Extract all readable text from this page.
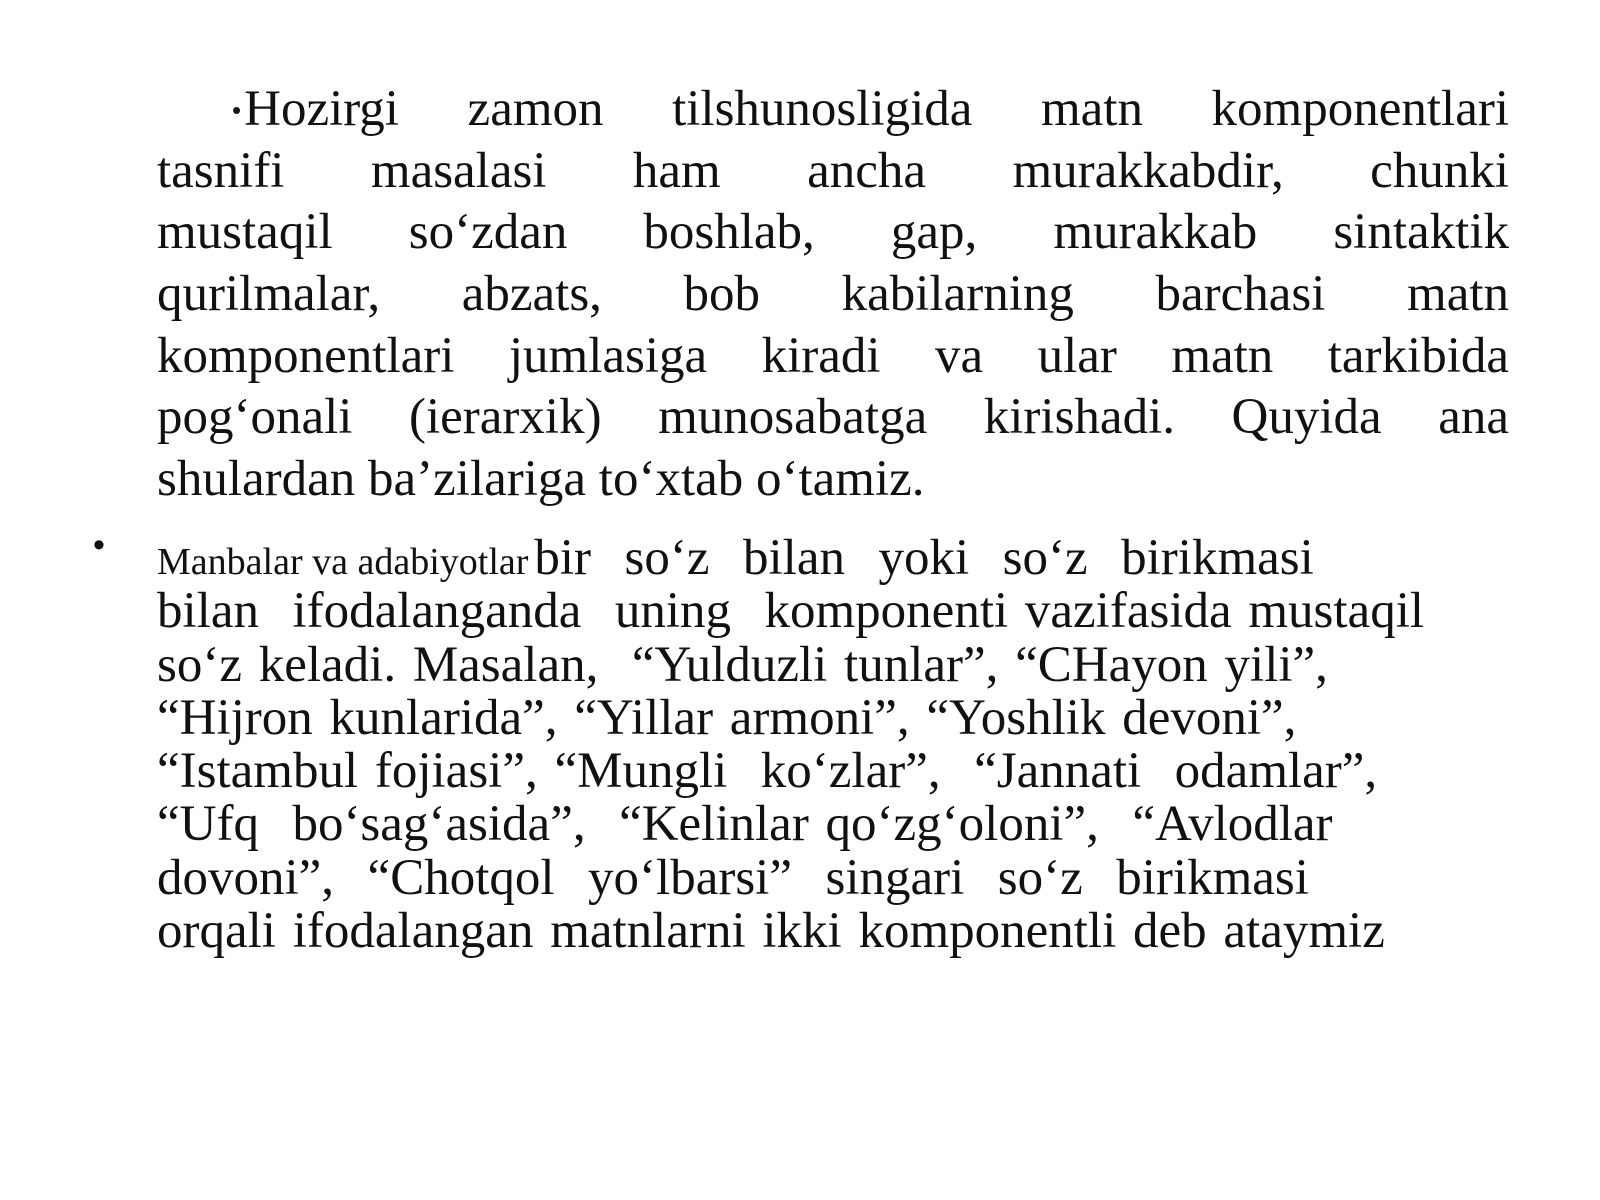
•Hozirgi zamon tilshunosligida matn komponentlari
tasnifi masalasi ham ancha murakkabdir, chunki
mustaqil so‘zdan boshlab, gap, murakkab sintaktik
qurilmalar, abzats, bob kabilarning barchasi matn
komponentlari jumlasiga kiradi va ular matn tarkibida
pog‘onali (ierarxik) munosabatga kirishadi. Quyida ana
shulardan ba’zilariga to‘xtab o‘tamiz.
• Manbalar va adabiyotlar bir  so‘z  bilan  yoki  so‘z  birikmasi
bilan  ifodalanganda  uning  komponenti vazifasida mustaqil
so‘z keladi. Masalan,  “Yulduzli tunlar”, “CHayon yili”,
“Hijron kunlarida”, “Yillar armoni”, “Yoshlik devoni”,
“Istambul fojiasi”, “Mungli  ko‘zlar”,  “Jannati  odamlar”,
“Ufq  bo‘sag‘asida”,  “Kelinlar qo‘zg‘oloni”,  “Avlodlar
dovoni”,  “Chotqol  yo‘lbarsi”  singari  so‘z  birikmasi
orqali ifodalangan matnlarni ikki komponentli deb ataymiz
